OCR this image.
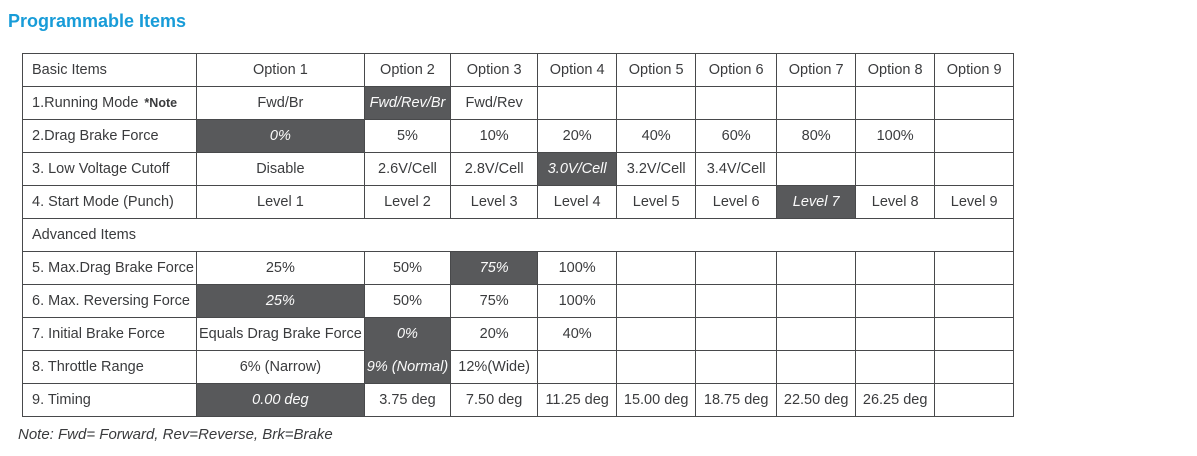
Programmable Items
Basic Items	Option 1	Option 2	Option 3	Option 4	Option 5	Option 6	Option 7	Option 8	Option 9
1.Running Mode *Note	Fwd/Br	Fwd/Rev/Br	Fwd/Rev						
2.Drag Brake Force	0%	5%	10%	20%	40%	60%	80%	100%	
3. Low Voltage Cutoff	Disable	2.6V/Cell	2.8V/Cell	3.0V/Cell	3.2V/Cell	3.4V/Cell			
4. Start Mode (Punch)	Level 1	Level 2	Level 3	Level 4	Level 5	Level 6	Level 7	Level 8	Level 9
Advanced Items									
5. Max.Drag Brake Force	25%	50%	75%	100%					
6. Max. Reversing Force	25%	50%	75%	100%					
7. Initial Brake Force	Equals Drag Brake Force	0%	20%	40%					
8. Throttle Range	6% (Narrow)	9% (Normal)	12%(Wide)						
9. Timing	0.00 deg	3.75 deg	7.50 deg	11.25 deg	15.00 deg	18.75 deg	22.50 deg	26.25 deg	

Note: Fwd= Forward, Rev=Reverse, Brk=Brake
